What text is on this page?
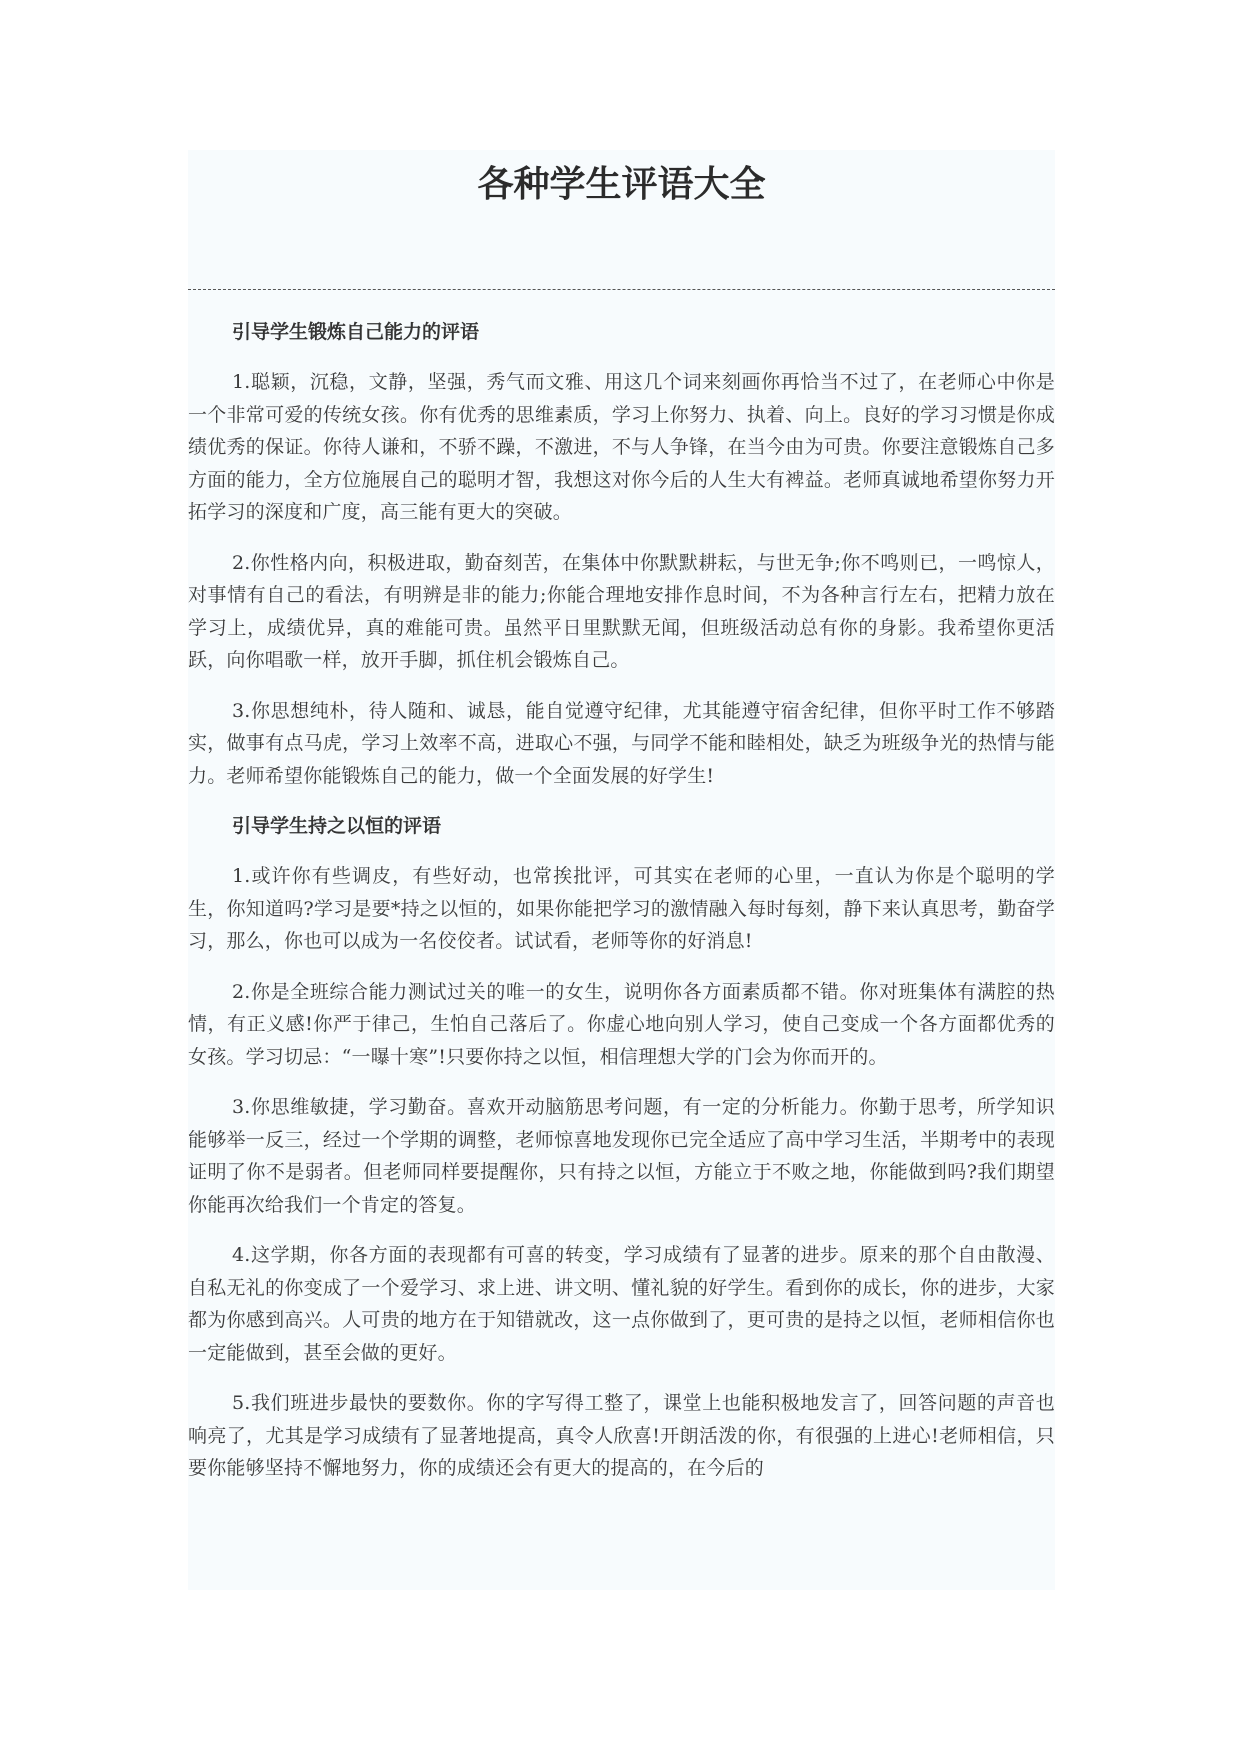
各种学生评语大全
引导学生锻炼自己能力的评语

1.聪颖，沉稳，文静，坚强，秀气而文雅、用这几个词来刻画你再恰当不过了，在老师心中你是一个非常可爱的传统女孩。你有优秀的思维素质，学习上你努力、执着、向上。良好的学习习惯是你成绩优秀的保证。你待人谦和，不骄不躁，不激进，不与人争锋，在当今由为可贵。你要注意锻炼自己多方面的能力，全方位施展自己的聪明才智，我想这对你今后的人生大有裨益。老师真诚地希望你努力开拓学习的深度和广度，高三能有更大的突破。

2.你性格内向，积极进取，勤奋刻苦，在集体中你默默耕耘，与世无争;你不鸣则已，一鸣惊人，对事情有自己的看法，有明辨是非的能力;你能合理地安排作息时间，不为各种言行左右，把精力放在学习上，成绩优异，真的难能可贵。虽然平日里默默无闻，但班级活动总有你的身影。我希望你更活跃，向你唱歌一样，放开手脚，抓住机会锻炼自己。

3.你思想纯朴，待人随和、诚恳，能自觉遵守纪律，尤其能遵守宿舍纪律，但你平时工作不够踏实，做事有点马虎，学习上效率不高，进取心不强，与同学不能和睦相处，缺乏为班级争光的热情与能力。老师希望你能锻炼自己的能力，做一个全面发展的好学生!

引导学生持之以恒的评语

1.或许你有些调皮，有些好动，也常挨批评，可其实在老师的心里，一直认为你是个聪明的学生，你知道吗?学习是要*持之以恒的，如果你能把学习的激情融入每时每刻，静下来认真思考，勤奋学习，那么，你也可以成为一名佼佼者。试试看，老师等你的好消息!

2.你是全班综合能力测试过关的唯一的女生，说明你各方面素质都不错。你对班集体有满腔的热情，有正义感!你严于律己，生怕自己落后了。你虚心地向别人学习，使自己变成一个各方面都优秀的女孩。学习切忌：“一曝十寒”!只要你持之以恒，相信理想大学的门会为你而开的。

3.你思维敏捷，学习勤奋。喜欢开动脑筋思考问题，有一定的分析能力。你勤于思考，所学知识能够举一反三，经过一个学期的调整，老师惊喜地发现你已完全适应了高中学习生活，半期考中的表现证明了你不是弱者。但老师同样要提醒你，只有持之以恒，方能立于不败之地，你能做到吗?我们期望你能再次给我们一个肯定的答复。

4.这学期，你各方面的表现都有可喜的转变，学习成绩有了显著的进步。原来的那个自由散漫、自私无礼的你变成了一个爱学习、求上进、讲文明、懂礼貌的好学生。看到你的成长，你的进步，大家都为你感到高兴。人可贵的地方在于知错就改，这一点你做到了，更可贵的是持之以恒，老师相信你也一定能做到，甚至会做的更好。

5.我们班进步最快的要数你。你的字写得工整了，课堂上也能积极地发言了，回答问题的声音也响亮了，尤其是学习成绩有了显著地提高，真令人欣喜!开朗活泼的你，有很强的上进心!老师相信，只要你能够坚持不懈地努力，你的成绩还会有更大的提高的，在今后的
